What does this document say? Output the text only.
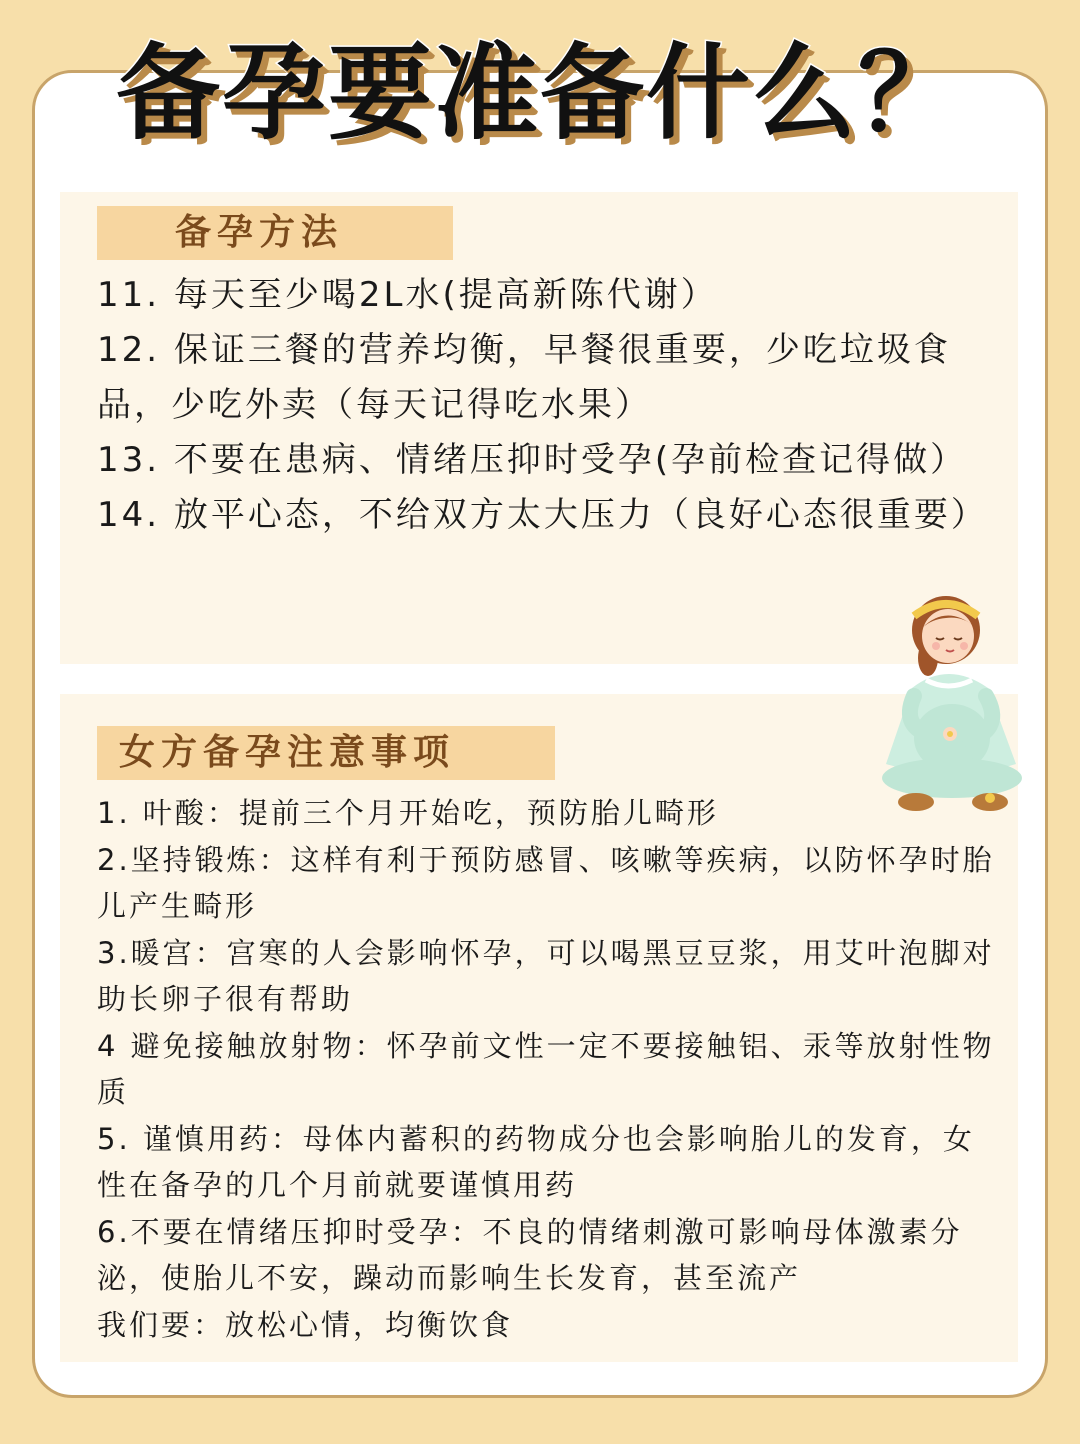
备孕要准备什么？
备孕方法
11. 每天至少喝2L水(提高新陈代谢）
12. 保证三餐的营养均衡，早餐很重要，少吃垃圾食品，少吃外卖（每天记得吃水果）
13. 不要在患病、情绪压抑时受孕(孕前检查记得做）
14. 放平心态，不给双方太大压力（良好心态很重要）
女方备孕注意事项
1. 叶酸：提前三个月开始吃，预防胎儿畸形
2.坚持锻炼：这样有利于预防感冒、咳嗽等疾病，以防怀孕时胎儿产生畸形
3.暖宫：宫寒的人会影响怀孕，可以喝黑豆豆浆，用艾叶泡脚对助长卵子很有帮助
4 避免接触放射物：怀孕前文性一定不要接触铝、汞等放射性物质
5. 谨慎用药：母体内蓄积的药物成分也会影响胎儿的发育，女性在备孕的几个月前就要谨慎用药
6.不要在情绪压抑时受孕：不良的情绪刺激可影响母体激素分泌，使胎儿不安，躁动而影响生长发育，甚至流产
我们要：放松心情，均衡饮食
